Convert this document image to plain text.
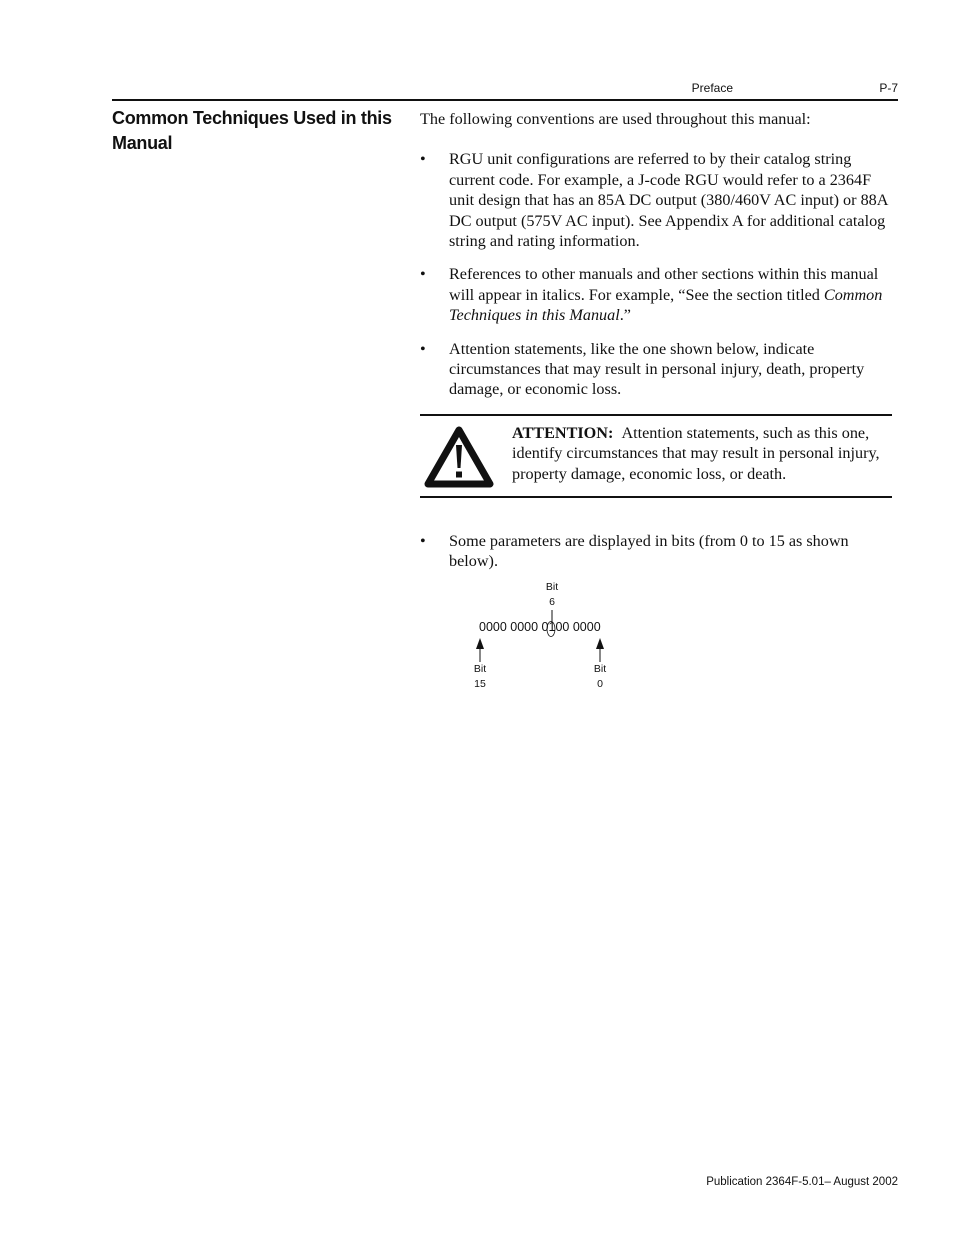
Preface	P-7
Common Techniques Used in this Manual

The following conventions are used throughout this manual:

• RGU unit configurations are referred to by their catalog string current code. For example, a J-code RGU would refer to a 2364F unit design that has an 85A DC output (380/460V AC input) or 88A DC output (575V AC input). See Appendix A for additional catalog string and rating information.
• References to other manuals and other sections within this manual will appear in italics. For example, “See the section titled Common Techniques in this Manual.”
• Attention statements, like the one shown below, indicate circumstances that may result in personal injury, death, property damage, or economic loss.

ATTENTION: Attention statements, such as this one, identify circumstances that may result in personal injury, property damage, economic loss, or death.

• Some parameters are displayed in bits (from 0 to 15 as shown below).
Bit
6
0000 0000 0100 0000
Bit
15
Bit
0
Publication 2364F-5.01– August 2002
